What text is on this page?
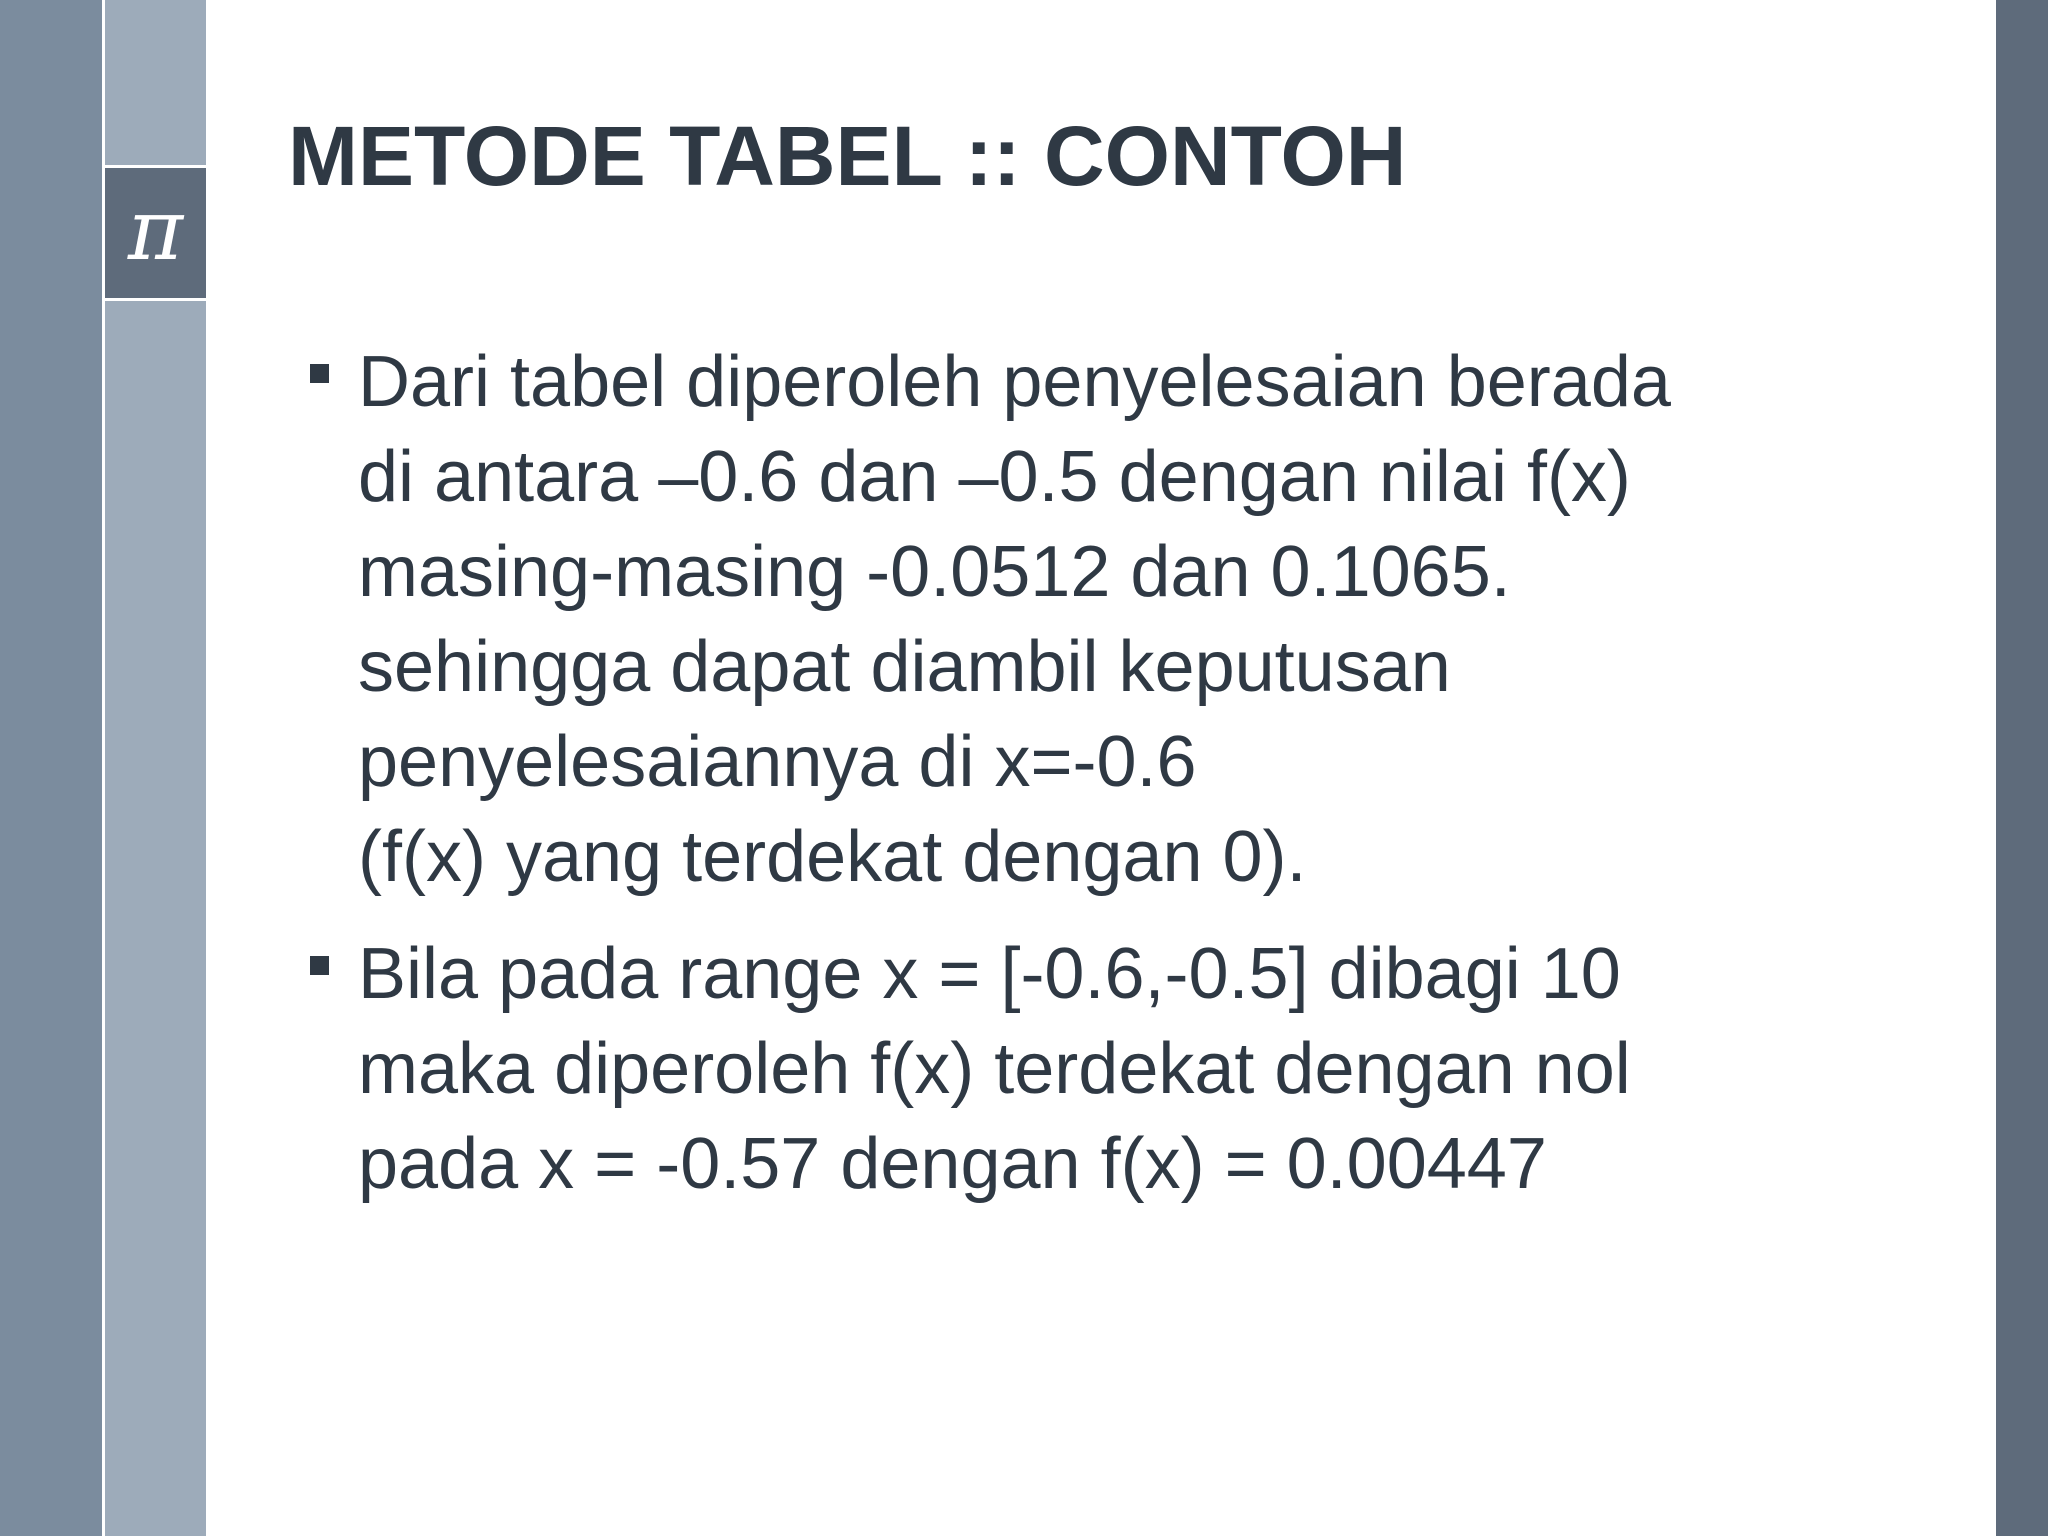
π
METODE TABEL :: CONTOH
Dari tabel diperoleh penyelesaian berada
di antara –0.6 dan –0.5 dengan nilai f(x)
masing-masing -0.0512 dan 0.1065.
sehingga dapat diambil keputusan
penyelesaiannya di x=-0.6
(f(x) yang terdekat dengan 0).
Bila pada range x = [-0.6,-0.5] dibagi 10
maka diperoleh f(x) terdekat dengan nol
pada x = -0.57 dengan f(x) = 0.00447
